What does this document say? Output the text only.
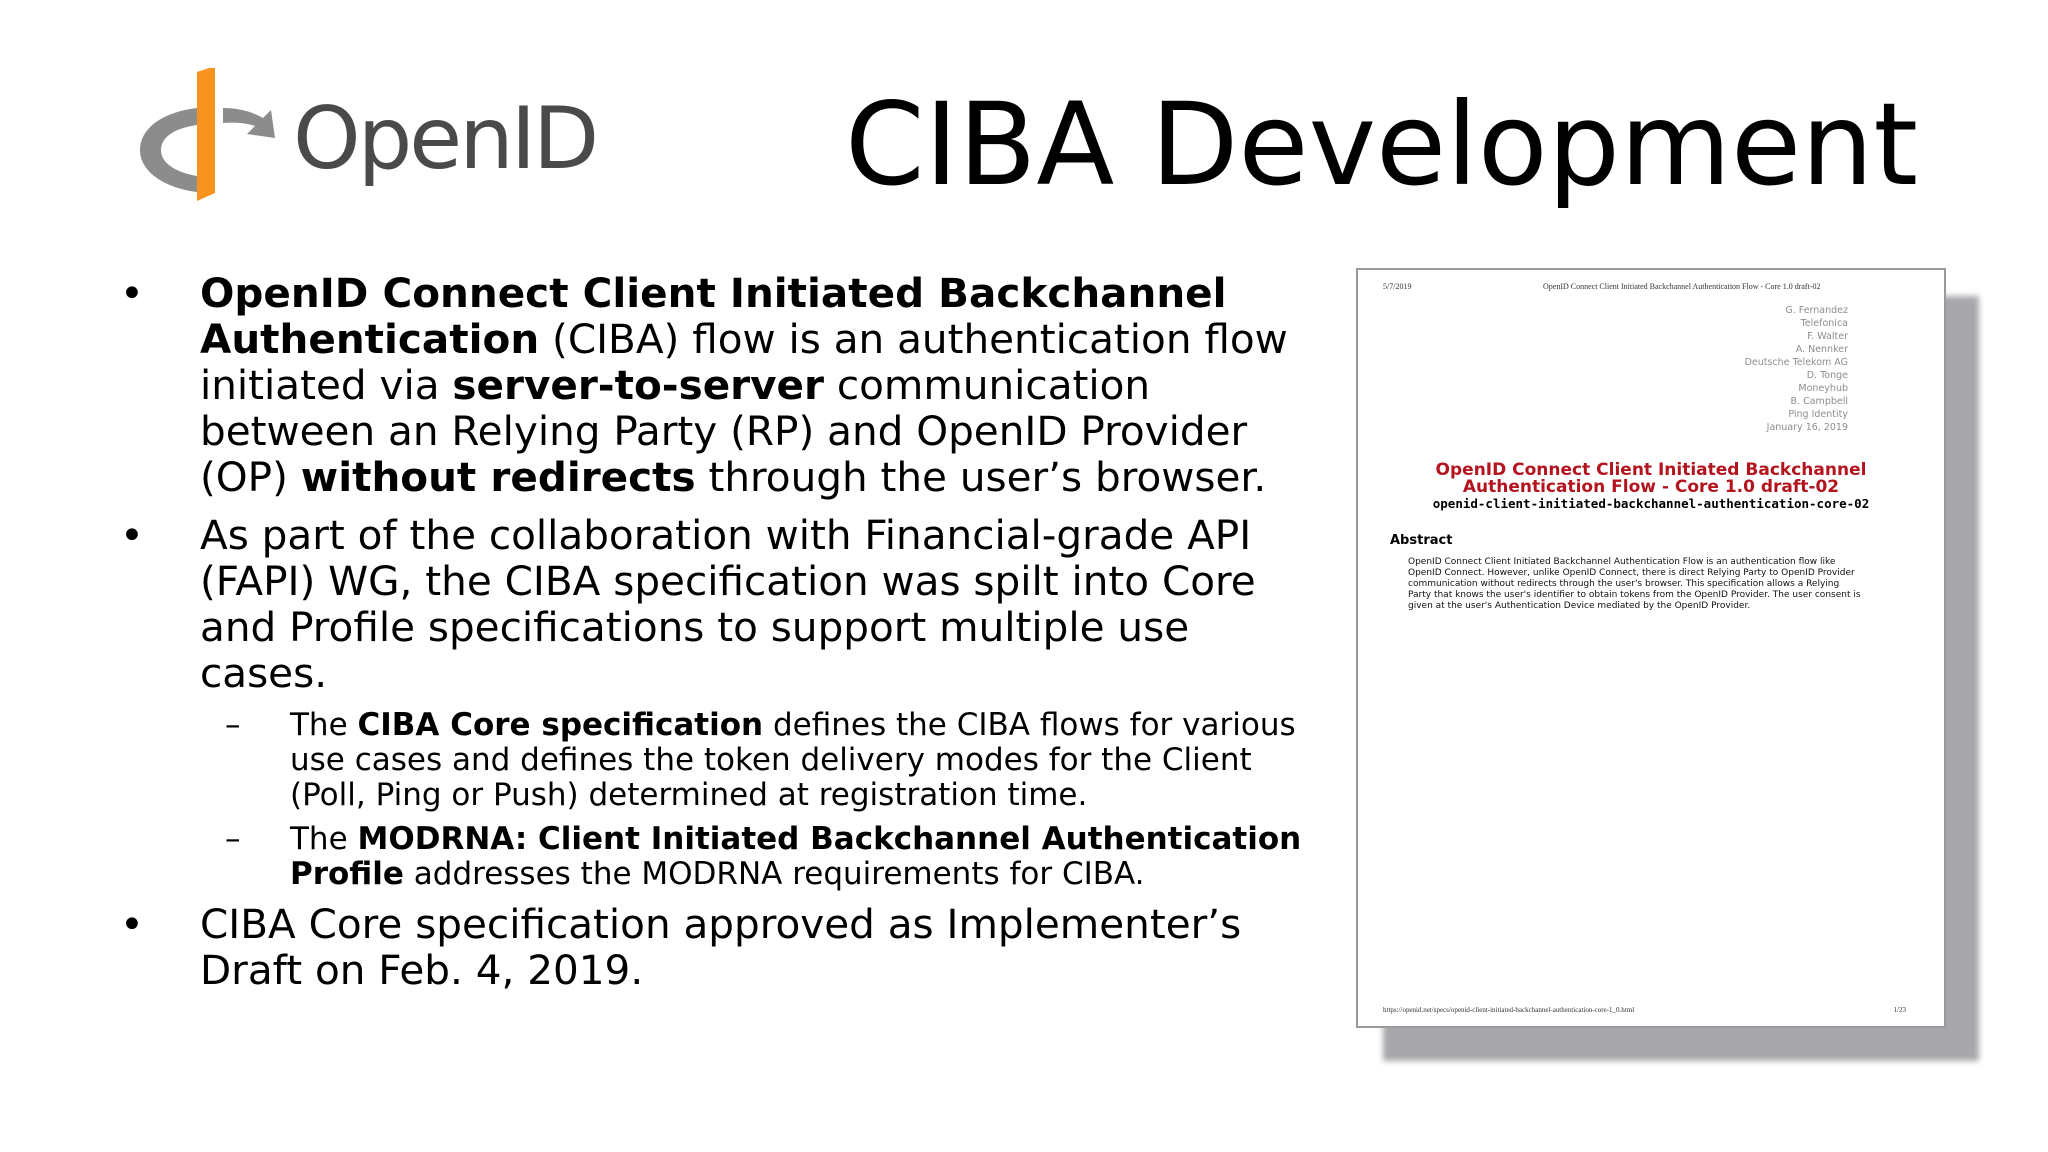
OpenID CIBA Development
• OpenID Connect Client Initiated Backchannel Authentication (CIBA) flow is an authentication flow initiated via server-to-server communication between an Relying Party (RP) and OpenID Provider (OP) without redirects through the user’s browser.
• As part of the collaboration with Financial-grade API (FAPI) WG, the CIBA specification was spilt into Core and Profile specifications to support multiple use cases.
– The CIBA Core specification defines the CIBA flows for various use cases and defines the token delivery modes for the Client (Poll, Ping or Push) determined at registration time.
– The MODRNA: Client Initiated Backchannel Authentication Profile addresses the MODRNA requirements for CIBA.
• CIBA Core specification approved as Implementer’s Draft on Feb. 4, 2019.
5/7/2019	OpenID Connect Client Initiated Backchannel Authentication Flow - Core 1.0 draft-02
G. Fernandez
Telefonica
F. Walter
A. Nennker
Deutsche Telekom AG
D. Tonge
Moneyhub
B. Campbell
Ping Identity
January 16, 2019
OpenID Connect Client Initiated Backchannel
Authentication Flow - Core 1.0 draft-02
openid-client-initiated-backchannel-authentication-core-02
Abstract
OpenID Connect Client Initiated Backchannel Authentication Flow is an authentication flow like
OpenID Connect. However, unlike OpenID Connect, there is direct Relying Party to OpenID Provider
communication without redirects through the user's browser. This specification allows a Relying
Party that knows the user's identifier to obtain tokens from the OpenID Provider. The user consent is
given at the user's Authentication Device mediated by the OpenID Provider.
https://openid.net/specs/openid-client-initiated-backchannel-authentication-core-1_0.html	1/23
